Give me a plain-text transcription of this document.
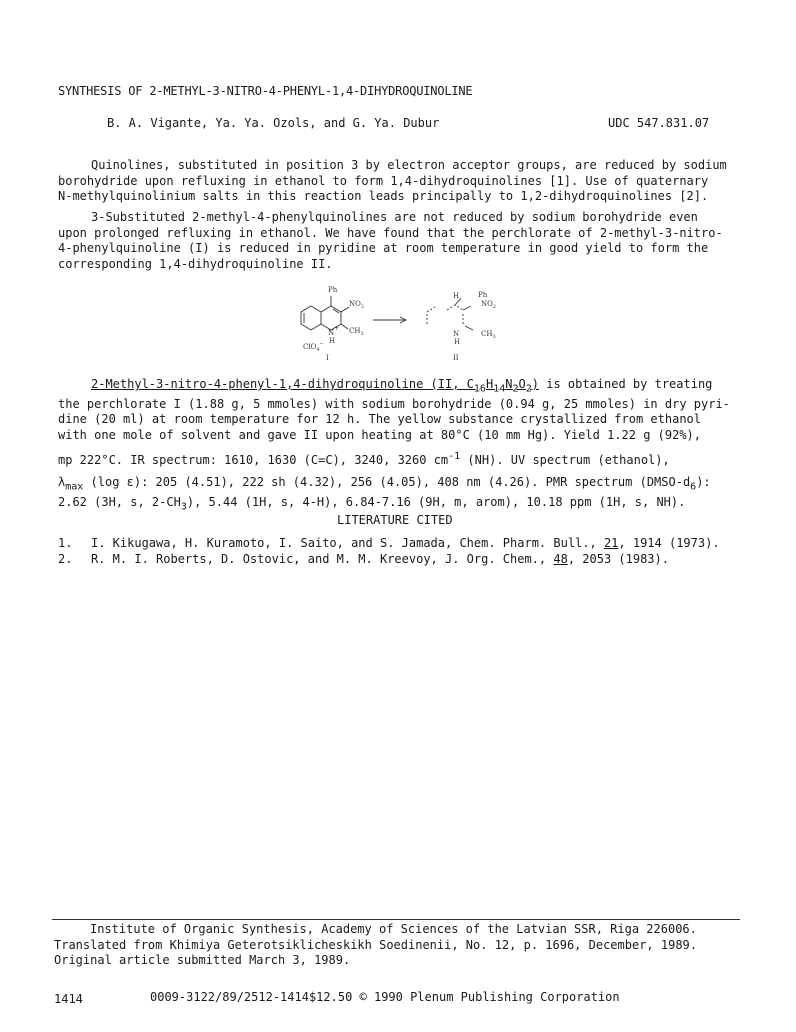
SYNTHESIS OF 2-METHYL-3-NITRO-4-PHENYL-1,4-DIHYDROQUINOLINE
B. A. Vigante, Ya. Ya. Ozols, and G. Ya. Dubur	UDC 547.831.07
Quinolines, substituted in position 3 by electron acceptor groups, are reduced by sodium
borohydride upon refluxing in ethanol to form 1,4-dihydroquinolines [1]. Use of quaternary
N-methylquinolinium salts in this reaction leads principally to 1,2-dihydroquinolines [2].
3-Substituted 2-methyl-4-phenylquinolines are not reduced by sodium borohydride even
upon prolonged refluxing in ethanol. We have found that the perchlorate of 2-methyl-3-nitro-
4-phenylquinoline (I) is reduced in pyridine at room temperature in good yield to form the
corresponding 1,4-dihydroquinoline II.
Ph
$NO_2$
$CH_3$
N
+
H
ClO$_4$−
I
H	Ph
$NO_2$
N
H
$CH_3$
II
2-Methyl-3-nitro-4-phenyl-1,4-dihydroquinoline (II, $C_{16}H_{14}N_2O_2$) is obtained by treating
the perchlorate I (1.88 g, 5 mmoles) with sodium borohydride (0.94 g, 25 mmoles) in dry pyri-
dine (20 ml) at room temperature for 12 h. The yellow substance crystallized from ethanol
with one mole of solvent and gave II upon heating at 80°C (10 mm Hg). Yield 1.22 g (92%),
mp 222°C. IR spectrum: 1610, 1630 (C=C), 3240, 3260 $cm^{-1}$ (NH). UV spectrum (ethanol),
$\lambda_{max}$ (log ε): 205 (4.51), 222 sh (4.32), 256 (4.05), 408 nm (4.26). PMR spectrum $(DMSO-d_6)$:
2.62 (3H, s, $2-CH_3$), 5.44 (1H, s, 4-H), 6.84-7.16 (9H, m, arom), 10.18 ppm (1H, s, NH).
LITERATURE CITED
1. I. Kikugawa, H. Kuramoto, I. Saito, and S. Jamada, Chem. Pharm. Bull., 21, 1914 (1973).
2. R. M. I. Roberts, D. Ostovic, and M. M. Kreevoy, J. Org. Chem., 48, 2053 (1983).
Institute of Organic Synthesis, Academy of Sciences of the Latvian SSR, Riga 226006.
Translated from Khimiya Geterotsiklicheskikh Soedinenii, No. 12, p. 1696, December, 1989.
Original article submitted March 3, 1989.
1414	0009-3122/89/2512-1414$12.50 © 1990 Plenum Publishing Corporation
